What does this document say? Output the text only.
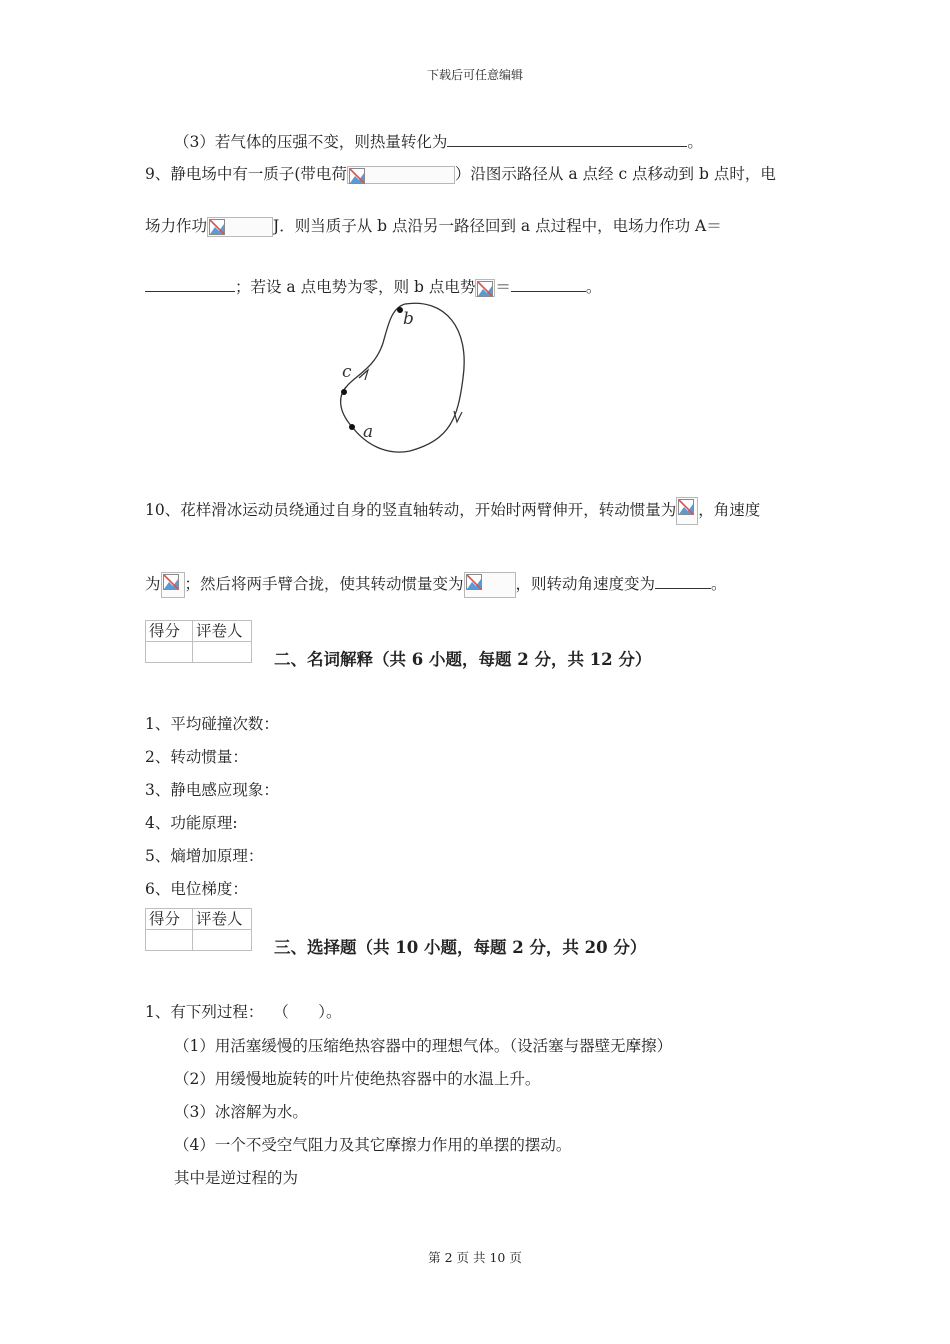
下载后可任意编辑
（3）若气体的压强不变，则热量转化为	。
9、静电场中有一质子(带电荷	）沿图示路径从 a 点经 c 点移动到 b 点时，电
场力作功	J．则当质子从 b 点沿另一路径回到 a 点过程中，电场力作功 A＝
；若设 a 点电势为零，则 b 点电势 ＝	。
b
c
a
10、花样滑冰运动员绕通过自身的竖直轴转动，开始时两臂伸开，转动惯量为 ，角速度
为 ；然后将两手臂合拢，使其转动惯量变为	，则转动角速度变为	。
得分	评卷人

二、名词解释（共 6 小题，每题 2 分，共 12 分）
1、平均碰撞次数：
2、转动惯量：
3、静电感应现象：
4、功能原理:
5、熵增加原理：
6、电位梯度：
得分	评卷人

三、选择题（共 10 小题，每题 2 分，共 20 分）
1、有下列过程：  （      ）。
（1）用活塞缓慢的压缩绝热容器中的理想气体。（设活塞与器壁无摩擦）
（2）用缓慢地旋转的叶片使绝热容器中的水温上升。
（3）冰溶解为水。
（4）一个不受空气阻力及其它摩擦力作用的单摆的摆动。
其中是逆过程的为
第 2 页 共 10 页
